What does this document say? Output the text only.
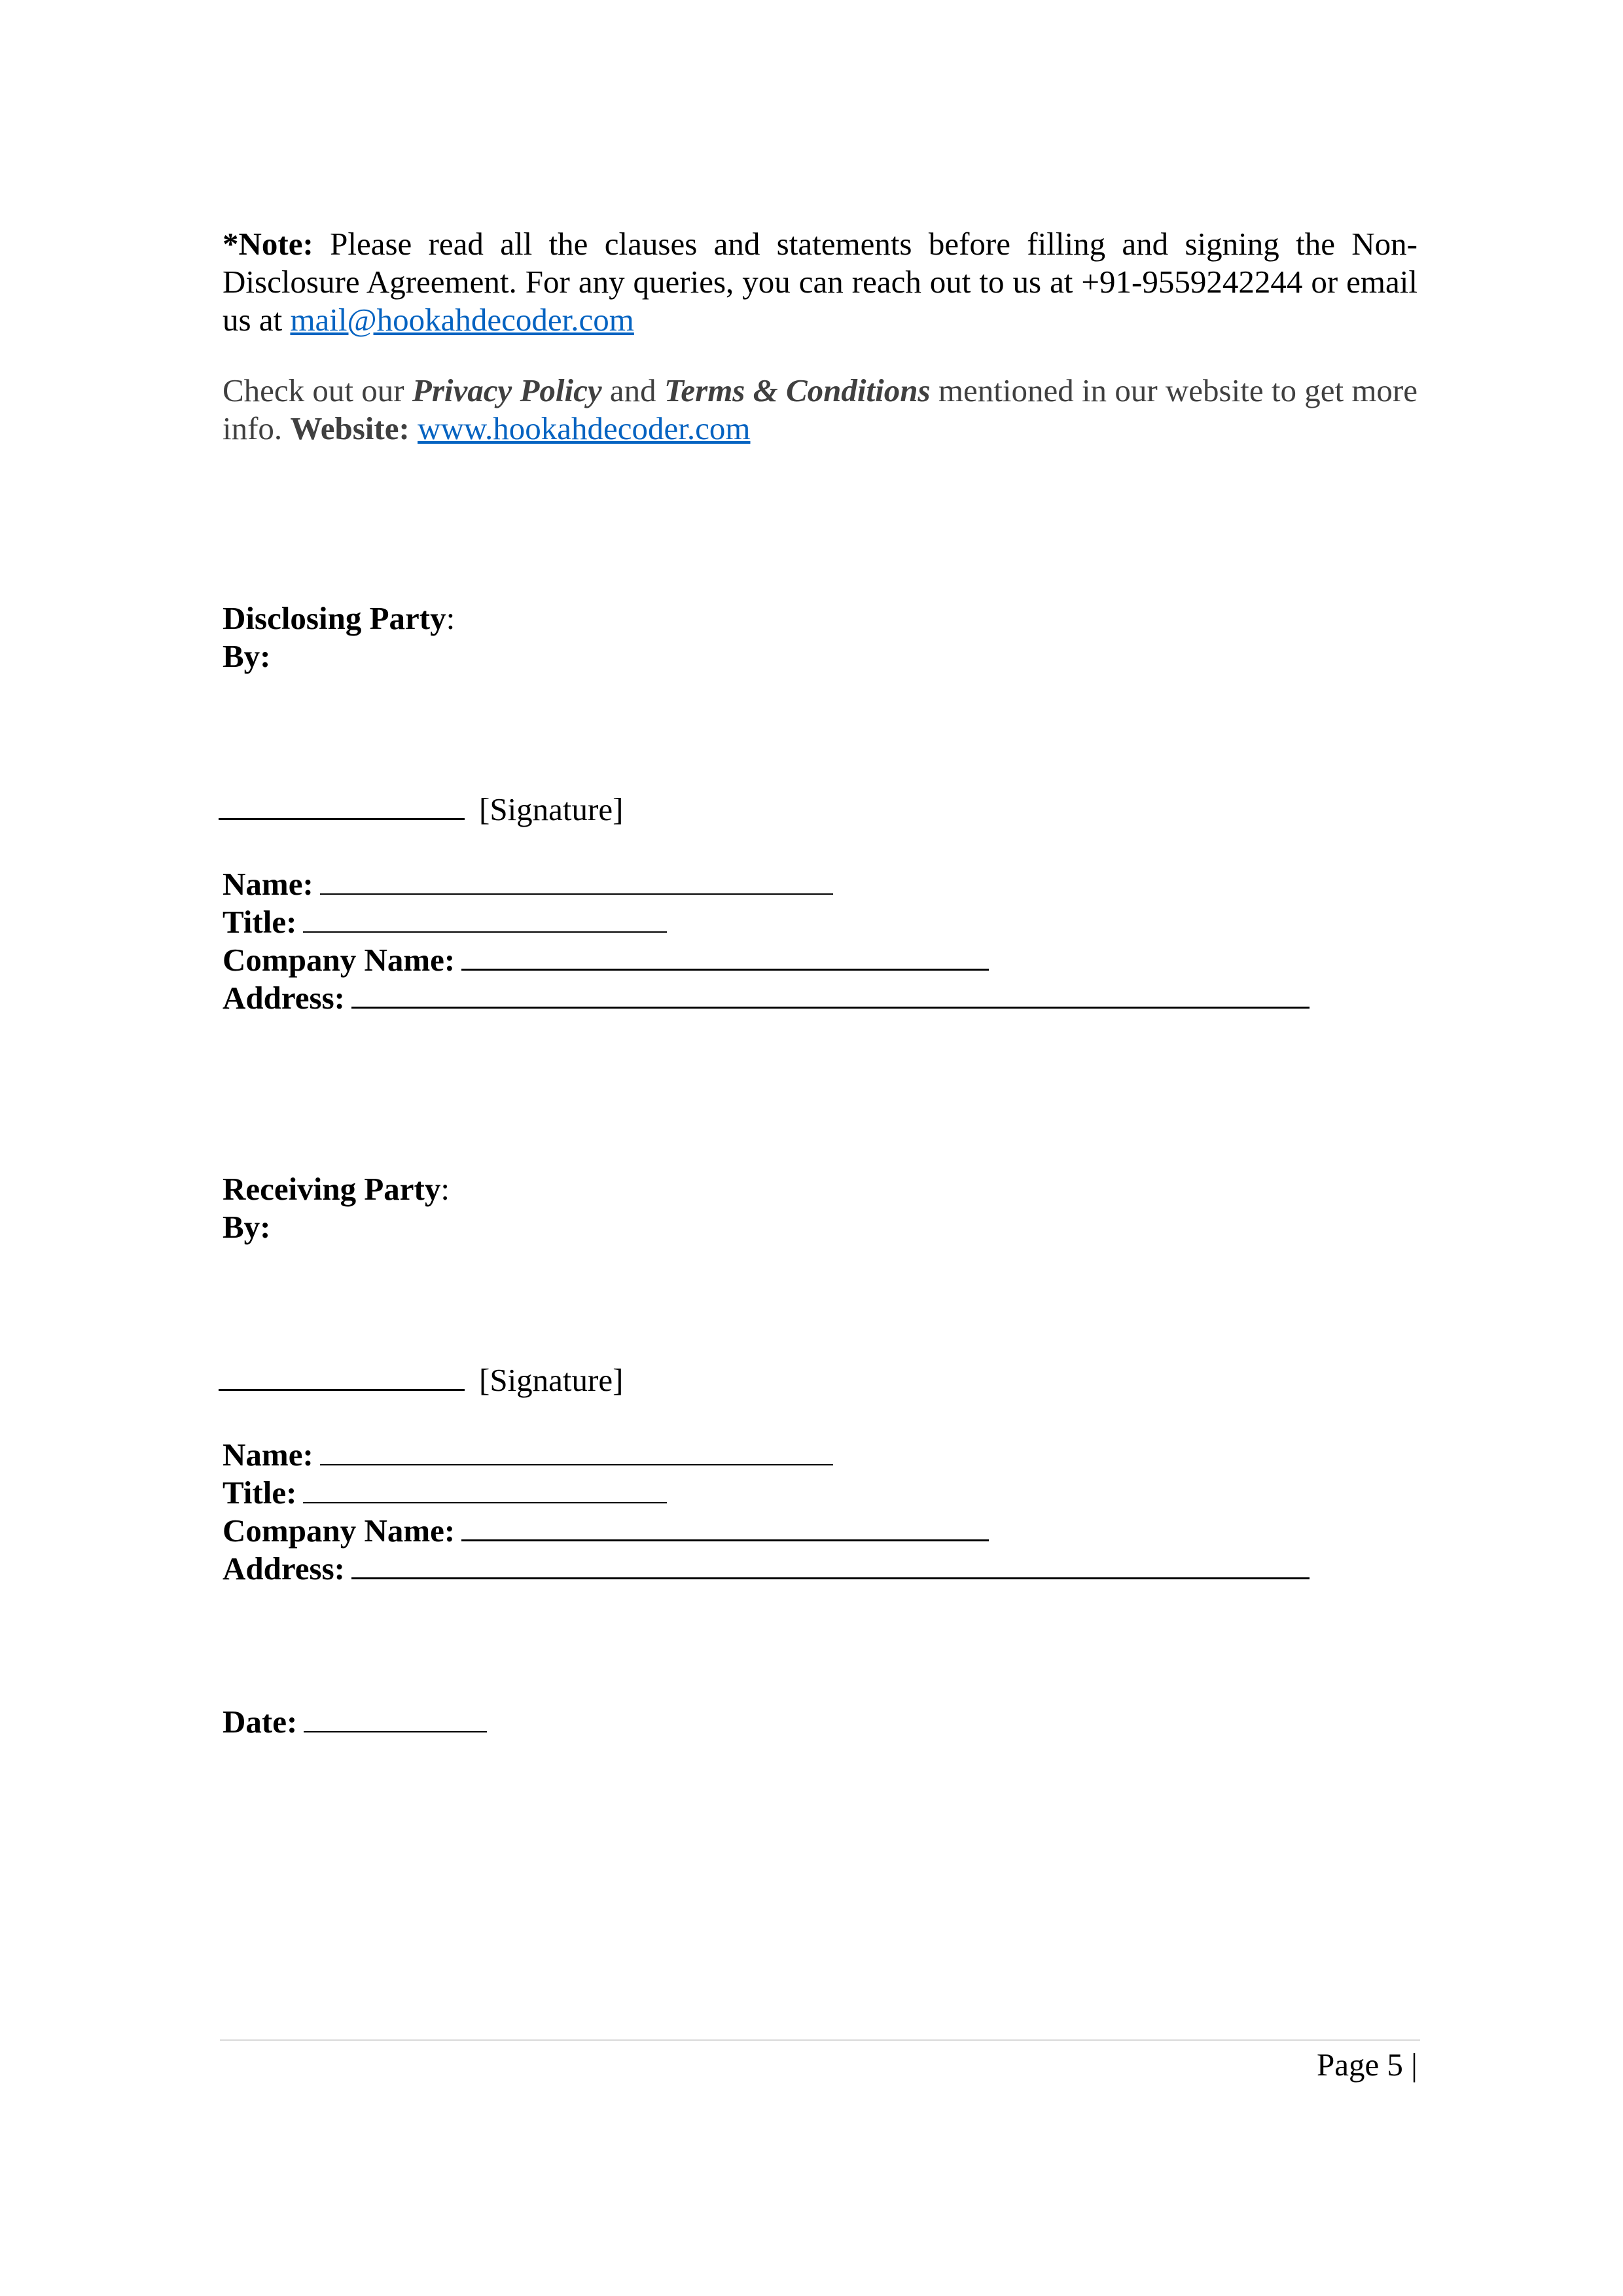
*Note: Please read all the clauses and statements before filling and signing the Non-Disclosure Agreement. For any queries, you can reach out to us at +91-9559242244 or email us at mail@hookahdecoder.com
Check out our Privacy Policy and Terms & Conditions mentioned in our website to get more info. Website: www.hookahdecoder.com
Disclosing Party:
By:
[Signature]
Name:
Title:
Company Name:
Address:
Receiving Party:
By:
[Signature]
Name:
Title:
Company Name:
Address:
Date:
Page 5 |
